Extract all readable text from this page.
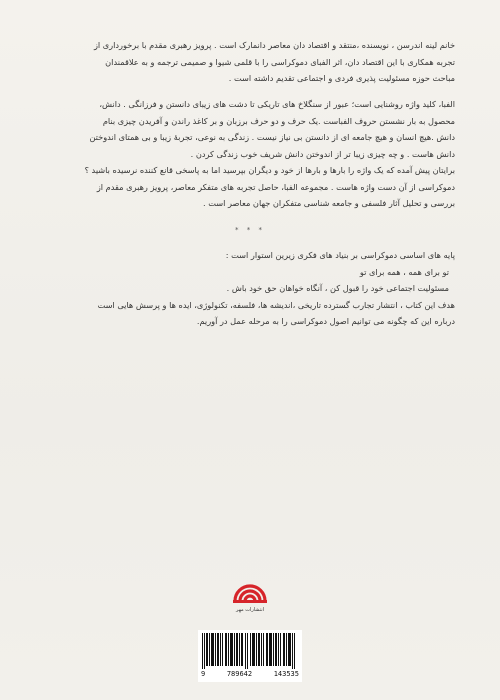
خانم لینه اندرسن ، نویسنده ،منتقد و اقتصاد دان معاصر دانمارک است . پرویز رهبری مقدم با برخورداری از

تجربه همکاری با این اقتصاد دان، اثر الفبای دموکراسی را با قلمی شیوا و صمیمی ترجمه و به علاقمندان

مباحث حوزه مسئولیت پذیری فردی و اجتماعی تقدیم داشته است .

الفبا، کلید واژه روشنایی است؛ عبور از سنگلاخ های تاریکی تا دشت های زیبای دانستن و فرزانگی . دانش،

محصول به بار نشستن حروف الفباست .یک حرف و دو حرف برزبان و بر کاغذ راندن و آفریدن چیزی بنام

دانش .هیچ انسان و هیچ جامعه ای از دانستن بی نیاز نیست . زندگی به نوعی، تجربهٔ زیبا و بی همتای اندوختن

دانش هاست . و چه چیزی زیبا تر از اندوختن دانش شریف خوب زندگی کردن .

برایتان پیش آمده که یک واژه را بارها و بارها از خود و دیگران بپرسید اما به پاسخی قانع کننده نرسیده باشید ؟

دموکراسی از آن دست واژه هاست . مجموعه الفبا، حاصل تجربه های متفکر معاصر، پرویز رهبری مقدم از

بررسی و تحلیل آثار فلسفی و جامعه شناسی متفکران جهان معاصر است .

* * *

پایه های اساسی دموکراسی بر بنیاد های فکری زیرین استوار است :

تو برای همه ، همه برای تو

مسئولیت اجتماعی خود را قبول کن ، آنگاه خواهان حق خود باش .

هدف این کتاب ، انتشار تجارب گسترده تاریخی ،اندیشه ها، فلسفه، تکنولوژی، ایده ها و پرسش هایی است

درباره این که چگونه می توانیم اصول دموکراسی را به مرحله عمل در آوریم.

انتشارات مهر
9	789642	143535
